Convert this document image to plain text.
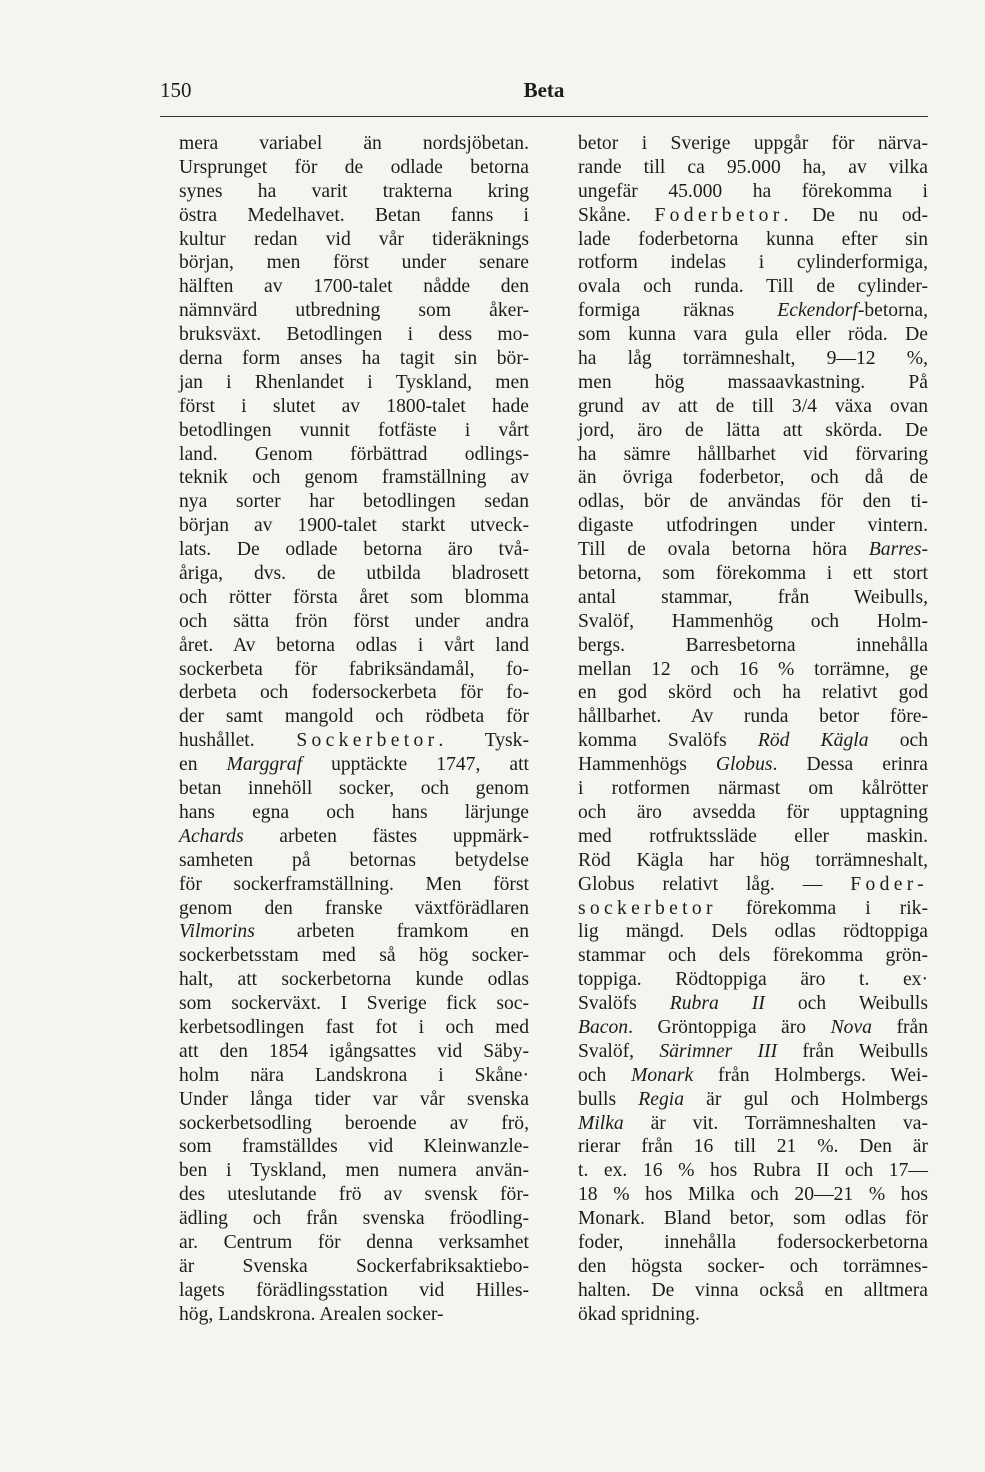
150	Beta
mera variabel än nordsjöbetan.
Ursprunget för de odlade betorna
synes ha varit trakterna kring
östra Medelhavet. Betan fanns i
kultur redan vid vår tideräknings
början, men först under senare
hälften av 1700-talet nådde den
nämnvärd utbredning som åker-
bruksväxt. Betodlingen i dess mo-
derna form anses ha tagit sin bör-
jan i Rhenlandet i Tyskland, men
först i slutet av 1800-talet hade
betodlingen vunnit fotfäste i vårt
land. Genom förbättrad odlings-
teknik och genom framställning av
nya sorter har betodlingen sedan
början av 1900-talet starkt utveck-
lats. De odlade betorna äro två-
åriga, dvs. de utbilda bladrosett
och rötter första året som blomma
och sätta frön först under andra
året. Av betorna odlas i vårt land
sockerbeta för fabriksändamål, fo-
derbeta och fodersockerbeta för fo-
der samt mangold och rödbeta för
hushållet. Sockerbetor. Tysk-
en Marggraf upptäckte 1747, att
betan innehöll socker, och genom
hans egna och hans lärjunge
Achards arbeten fästes uppmärk-
samheten på betornas betydelse
för sockerframställning. Men först
genom den franske växtförädlaren
Vilmorins arbeten framkom en
sockerbetsstam med så hög socker-
halt, att sockerbetorna kunde odlas
som sockerväxt. I Sverige fick soc-
kerbetsodlingen fast fot i och med
att den 1854 igångsattes vid Säby-
holm nära Landskrona i Skåne·
Under långa tider var vår svenska
sockerbetsodling beroende av frö,
som framställdes vid Kleinwanzle-
ben i Tyskland, men numera använ-
des uteslutande frö av svensk för-
ädling och från svenska fröodling-
ar. Centrum för denna verksamhet
är Svenska Sockerfabriksaktiebo-
lagets förädlingsstation vid Hilles-
hög, Landskrona. Arealen socker-
betor i Sverige uppgår för närva-
rande till ca 95.000 ha, av vilka
ungefär 45.000 ha förekomma i
Skåne. Foderbetor. De nu od-
lade foderbetorna kunna efter sin
rotform indelas i cylinderformiga,
ovala och runda. Till de cylinder-
formiga räknas Eckendorf-betorna,
som kunna vara gula eller röda. De
ha låg torrämneshalt, 9—12 %,
men hög massaavkastning. På
grund av att de till 3/4 växa ovan
jord, äro de lätta att skörda. De
ha sämre hållbarhet vid förvaring
än övriga foderbetor, och då de
odlas, bör de användas för den ti-
digaste utfodringen under vintern.
Till de ovala betorna höra Barres-
betorna, som förekomma i ett stort
antal stammar, från Weibulls,
Svalöf, Hammenhög och Holm-
bergs. Barresbetorna innehålla
mellan 12 och 16 % torrämne, ge
en god skörd och ha relativt god
hållbarhet. Av runda betor före-
komma Svalöfs Röd Kägla och
Hammenhögs Globus. Dessa erinra
i rotformen närmast om kålrötter
och äro avsedda för upptagning
med rotfruktssläde eller maskin.
Röd Kägla har hög torrämneshalt,
Globus relativt låg. — Foder-
sockerbetor förekomma i rik-
lig mängd. Dels odlas rödtoppiga
stammar och dels förekomma grön-
toppiga. Rödtoppiga äro t. ex·
Svalöfs Rubra II och Weibulls
Bacon. Gröntoppiga äro Nova från
Svalöf, Särimner III från Weibulls
och Monark från Holmbergs. Wei-
bulls Regia är gul och Holmbergs
Milka är vit. Torrämneshalten va-
rierar från 16 till 21 %. Den är
t. ex. 16 % hos Rubra II och 17—
18 % hos Milka och 20—21 % hos
Monark. Bland betor, som odlas för
foder, innehålla fodersockerbetorna
den högsta socker- och torrämnes-
halten. De vinna också en alltmera
ökad spridning.
